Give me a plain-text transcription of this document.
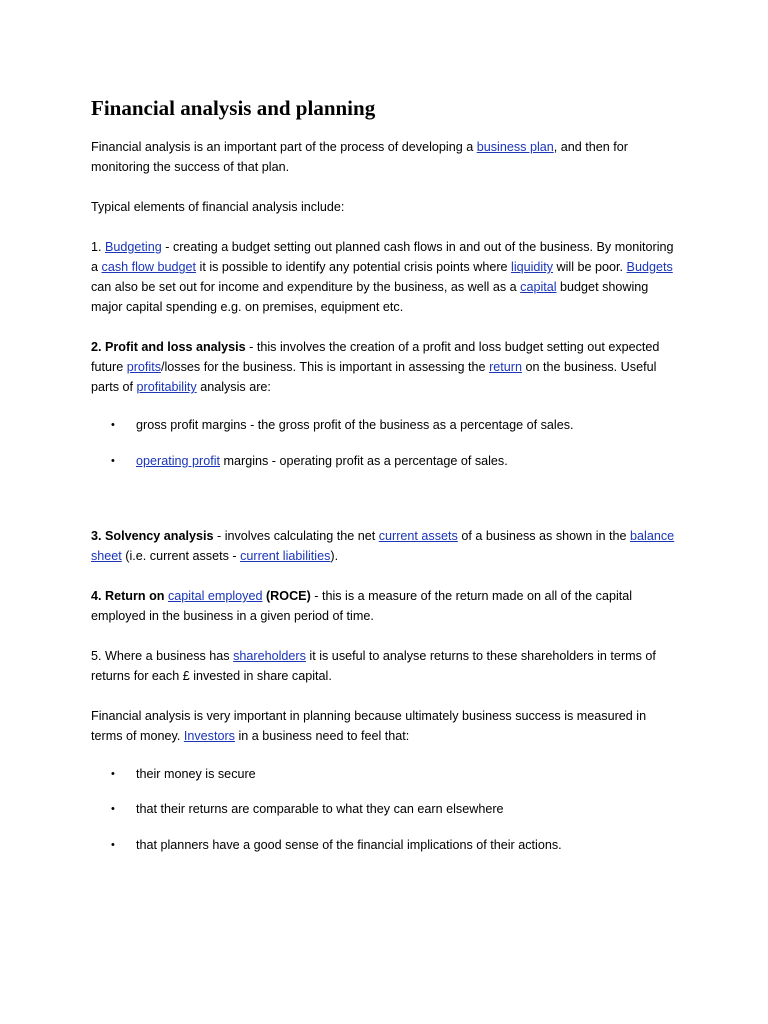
Financial analysis and planning

Financial analysis is an important part of the process of developing a business plan, and then for monitoring the success of that plan.

Typical elements of financial analysis include:

1. Budgeting - creating a budget setting out planned cash flows in and out of the business. By monitoring a cash flow budget it is possible to identify any potential crisis points where liquidity will be poor. Budgets can also be set out for income and expenditure by the business, as well as a capital budget showing major capital spending e.g. on premises, equipment etc.

2. Profit and loss analysis - this involves the creation of a profit and loss budget setting out expected future profits/losses for the business. This is important in assessing the return on the business. Useful parts of profitability analysis are:

•	gross profit margins - the gross profit of the business as a percentage of sales.
•	operating profit margins - operating profit as a percentage of sales.

3. Solvency analysis - involves calculating the net current assets of a business as shown in the balance sheet (i.e. current assets - current liabilities).

4. Return on capital employed (ROCE) - this is a measure of the return made on all of the capital employed in the business in a given period of time.

5. Where a business has shareholders it is useful to analyse returns to these shareholders in terms of returns for each £ invested in share capital.

Financial analysis is very important in planning because ultimately business success is measured in terms of money. Investors in a business need to feel that:

•	their money is secure
•	that their returns are comparable to what they can earn elsewhere
•	that planners have a good sense of the financial implications of their actions.
